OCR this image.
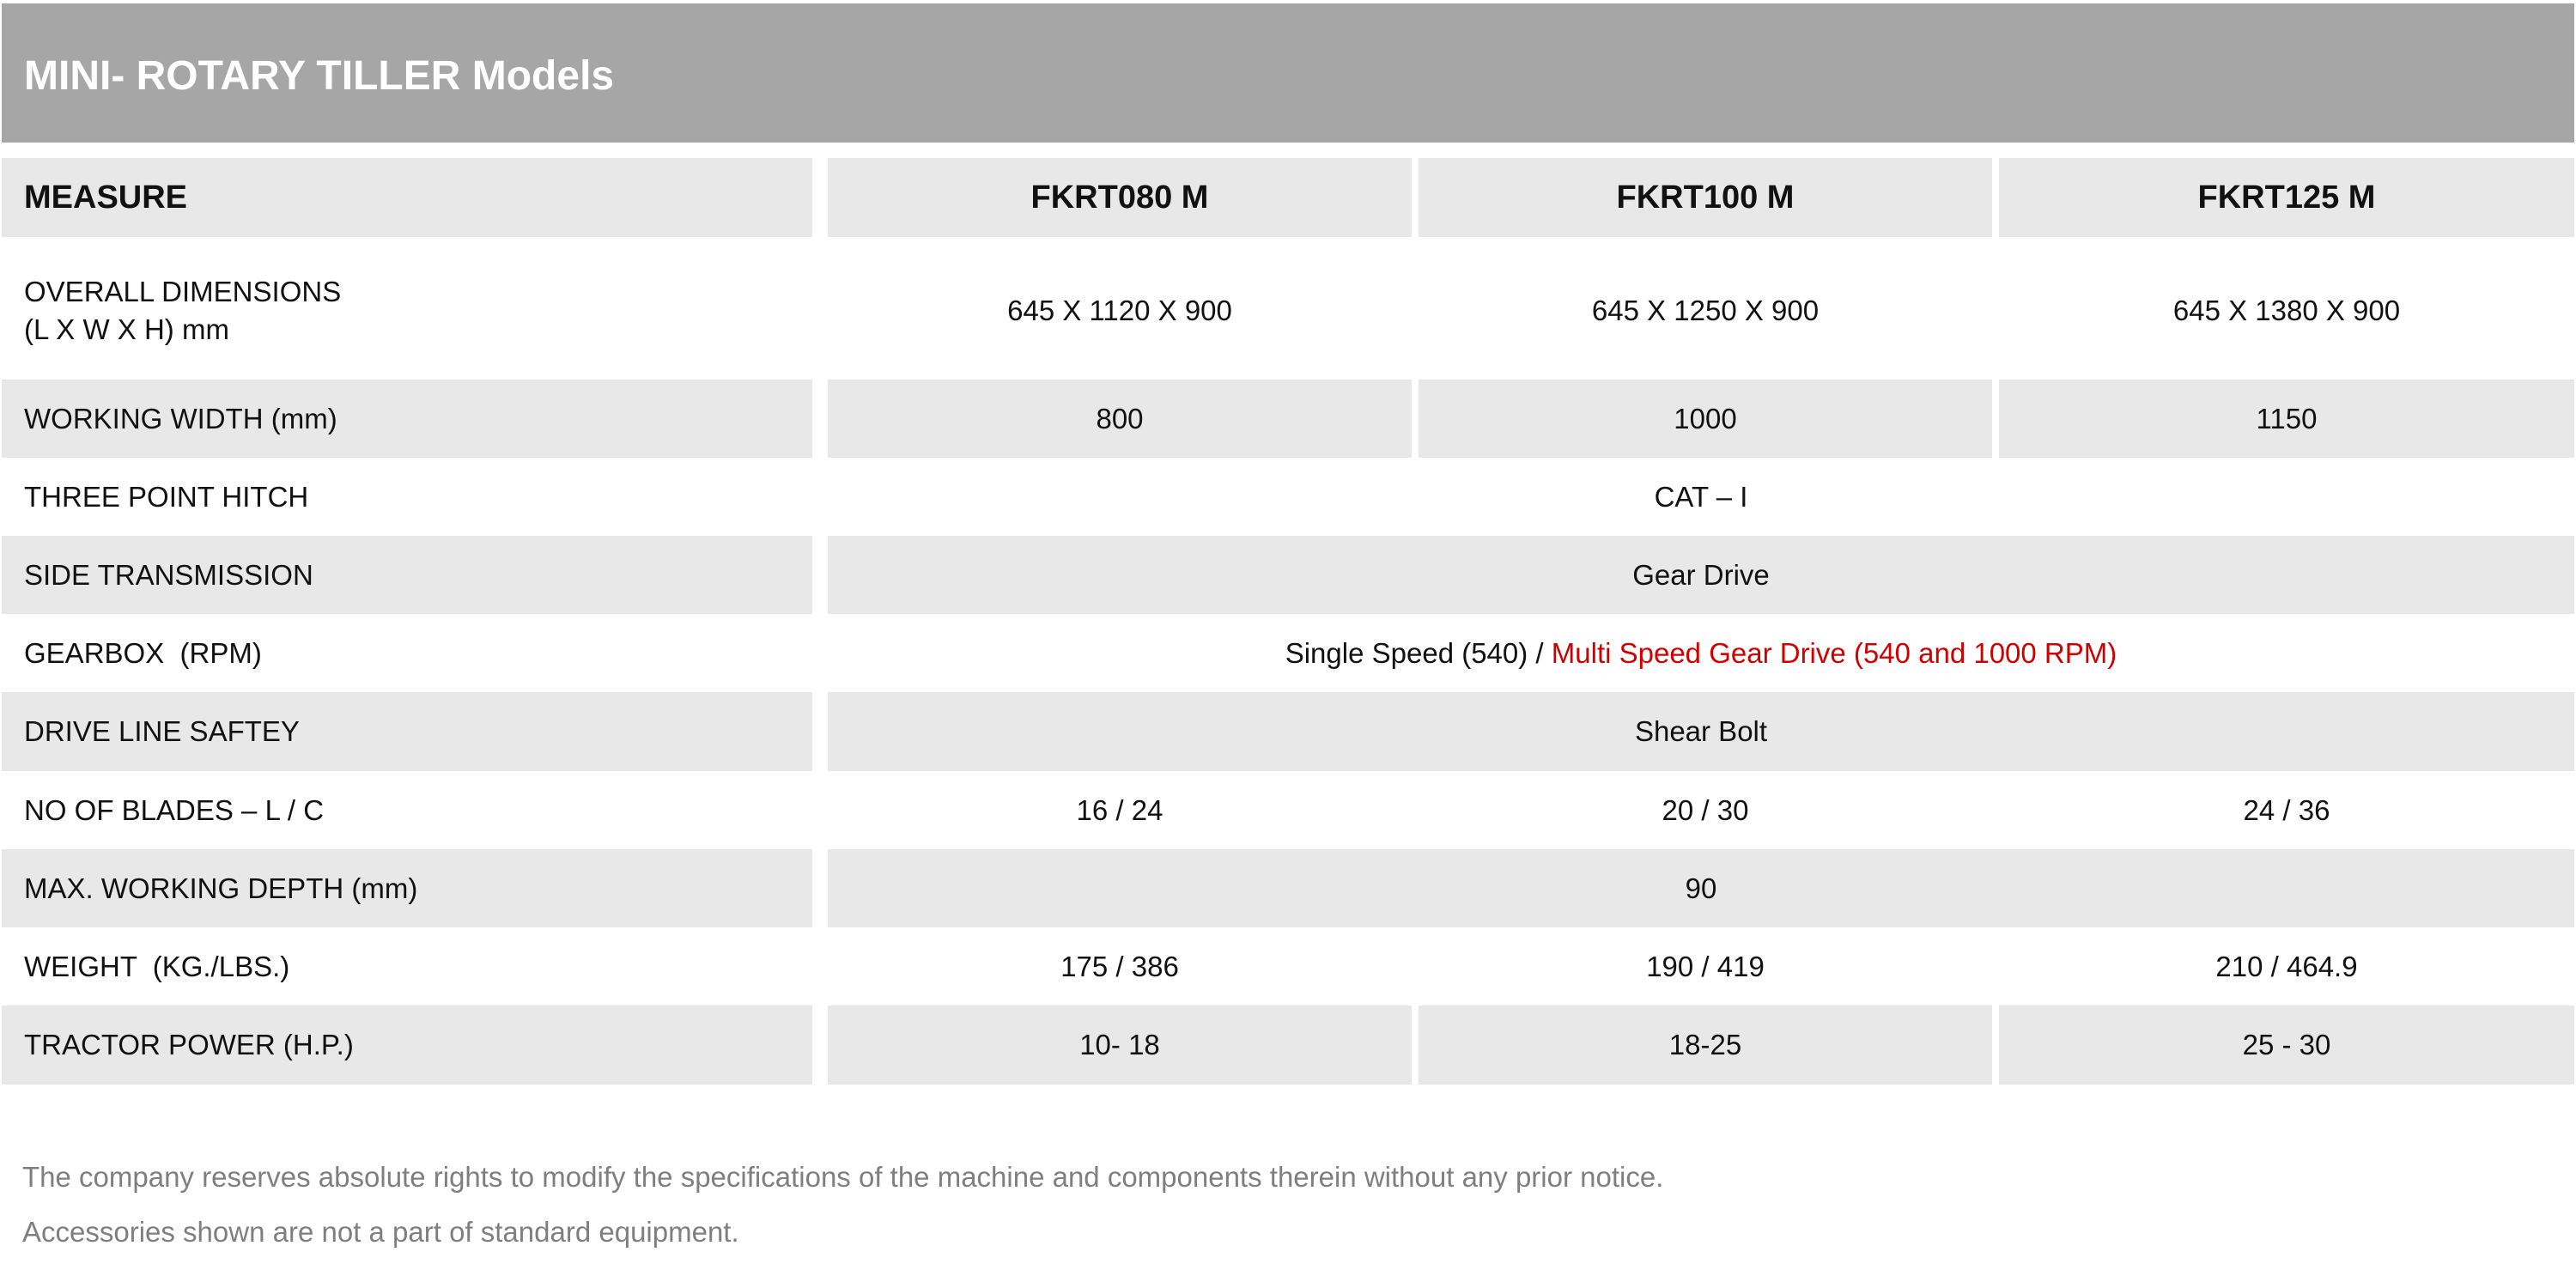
MINI- ROTARY TILLER Models
MEASURE	FKRT080 M	FKRT100 M	FKRT125 M
OVERALL DIMENSIONS
(L X W X H) mm
645 X 1120 X 900	645 X 1250 X 900	645 X 1380 X 900
WORKING WIDTH (mm)	800	1000	1150
THREE POINT HITCH	CAT – I
SIDE TRANSMISSION	Gear Drive
GEARBOX  (RPM)	Single Speed (540) / Multi Speed Gear Drive (540 and 1000 RPM)
DRIVE LINE SAFTEY	Shear Bolt
NO OF BLADES – L / C	16 / 24	20 / 30	24 / 36
MAX. WORKING DEPTH (mm)	90
WEIGHT  (KG./LBS.)	175 / 386	190 / 419	210 / 464.9
TRACTOR POWER (H.P.)	10- 18	18-25	25 - 30
The company reserves absolute rights to modify the specifications of the machine and components therein without any prior notice.
Accessories shown are not a part of standard equipment.
